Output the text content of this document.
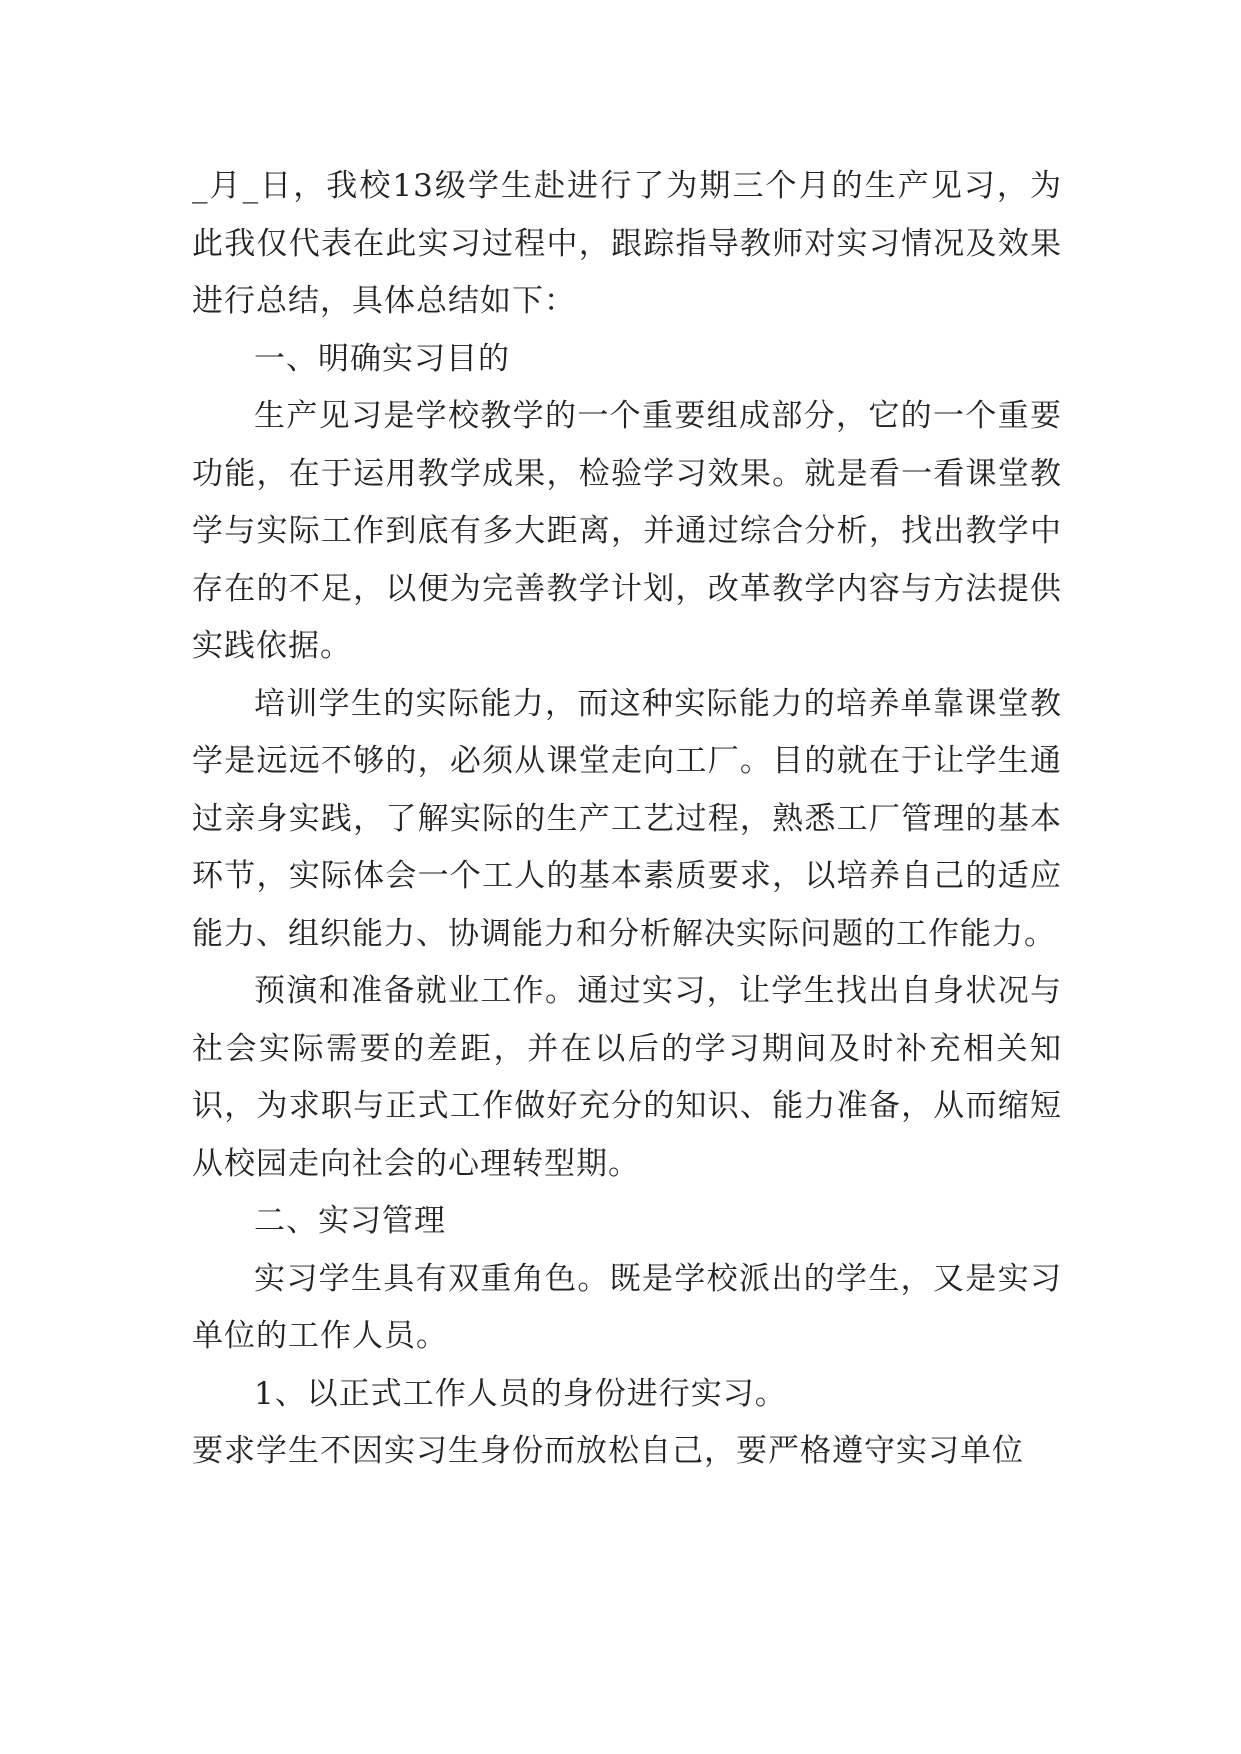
_月_日，我校13级学生赴进行了为期三个月的生产见习，为此我仅代表在此实习过程中，跟踪指导教师对实习情况及效果进行总结，具体总结如下：

一、明确实习目的

生产见习是学校教学的一个重要组成部分，它的一个重要功能，在于运用教学成果，检验学习效果。就是看一看课堂教学与实际工作到底有多大距离，并通过综合分析，找出教学中存在的不足，以便为完善教学计划，改革教学内容与方法提供实践依据。

培训学生的实际能力，而这种实际能力的培养单靠课堂教学是远远不够的，必须从课堂走向工厂。目的就在于让学生通过亲身实践，了解实际的生产工艺过程，熟悉工厂管理的基本环节，实际体会一个工人的基本素质要求，以培养自己的适应能力、组织能力、协调能力和分析解决实际问题的工作能力。

预演和准备就业工作。通过实习，让学生找出自身状况与社会实际需要的差距，并在以后的学习期间及时补充相关知识，为求职与正式工作做好充分的知识、能力准备，从而缩短从校园走向社会的心理转型期。

二、实习管理

实习学生具有双重角色。既是学校派出的学生，又是实习单位的工作人员。

1、以正式工作人员的身份进行实习。

要求学生不因实习生身份而放松自己，要严格遵守实习单位
